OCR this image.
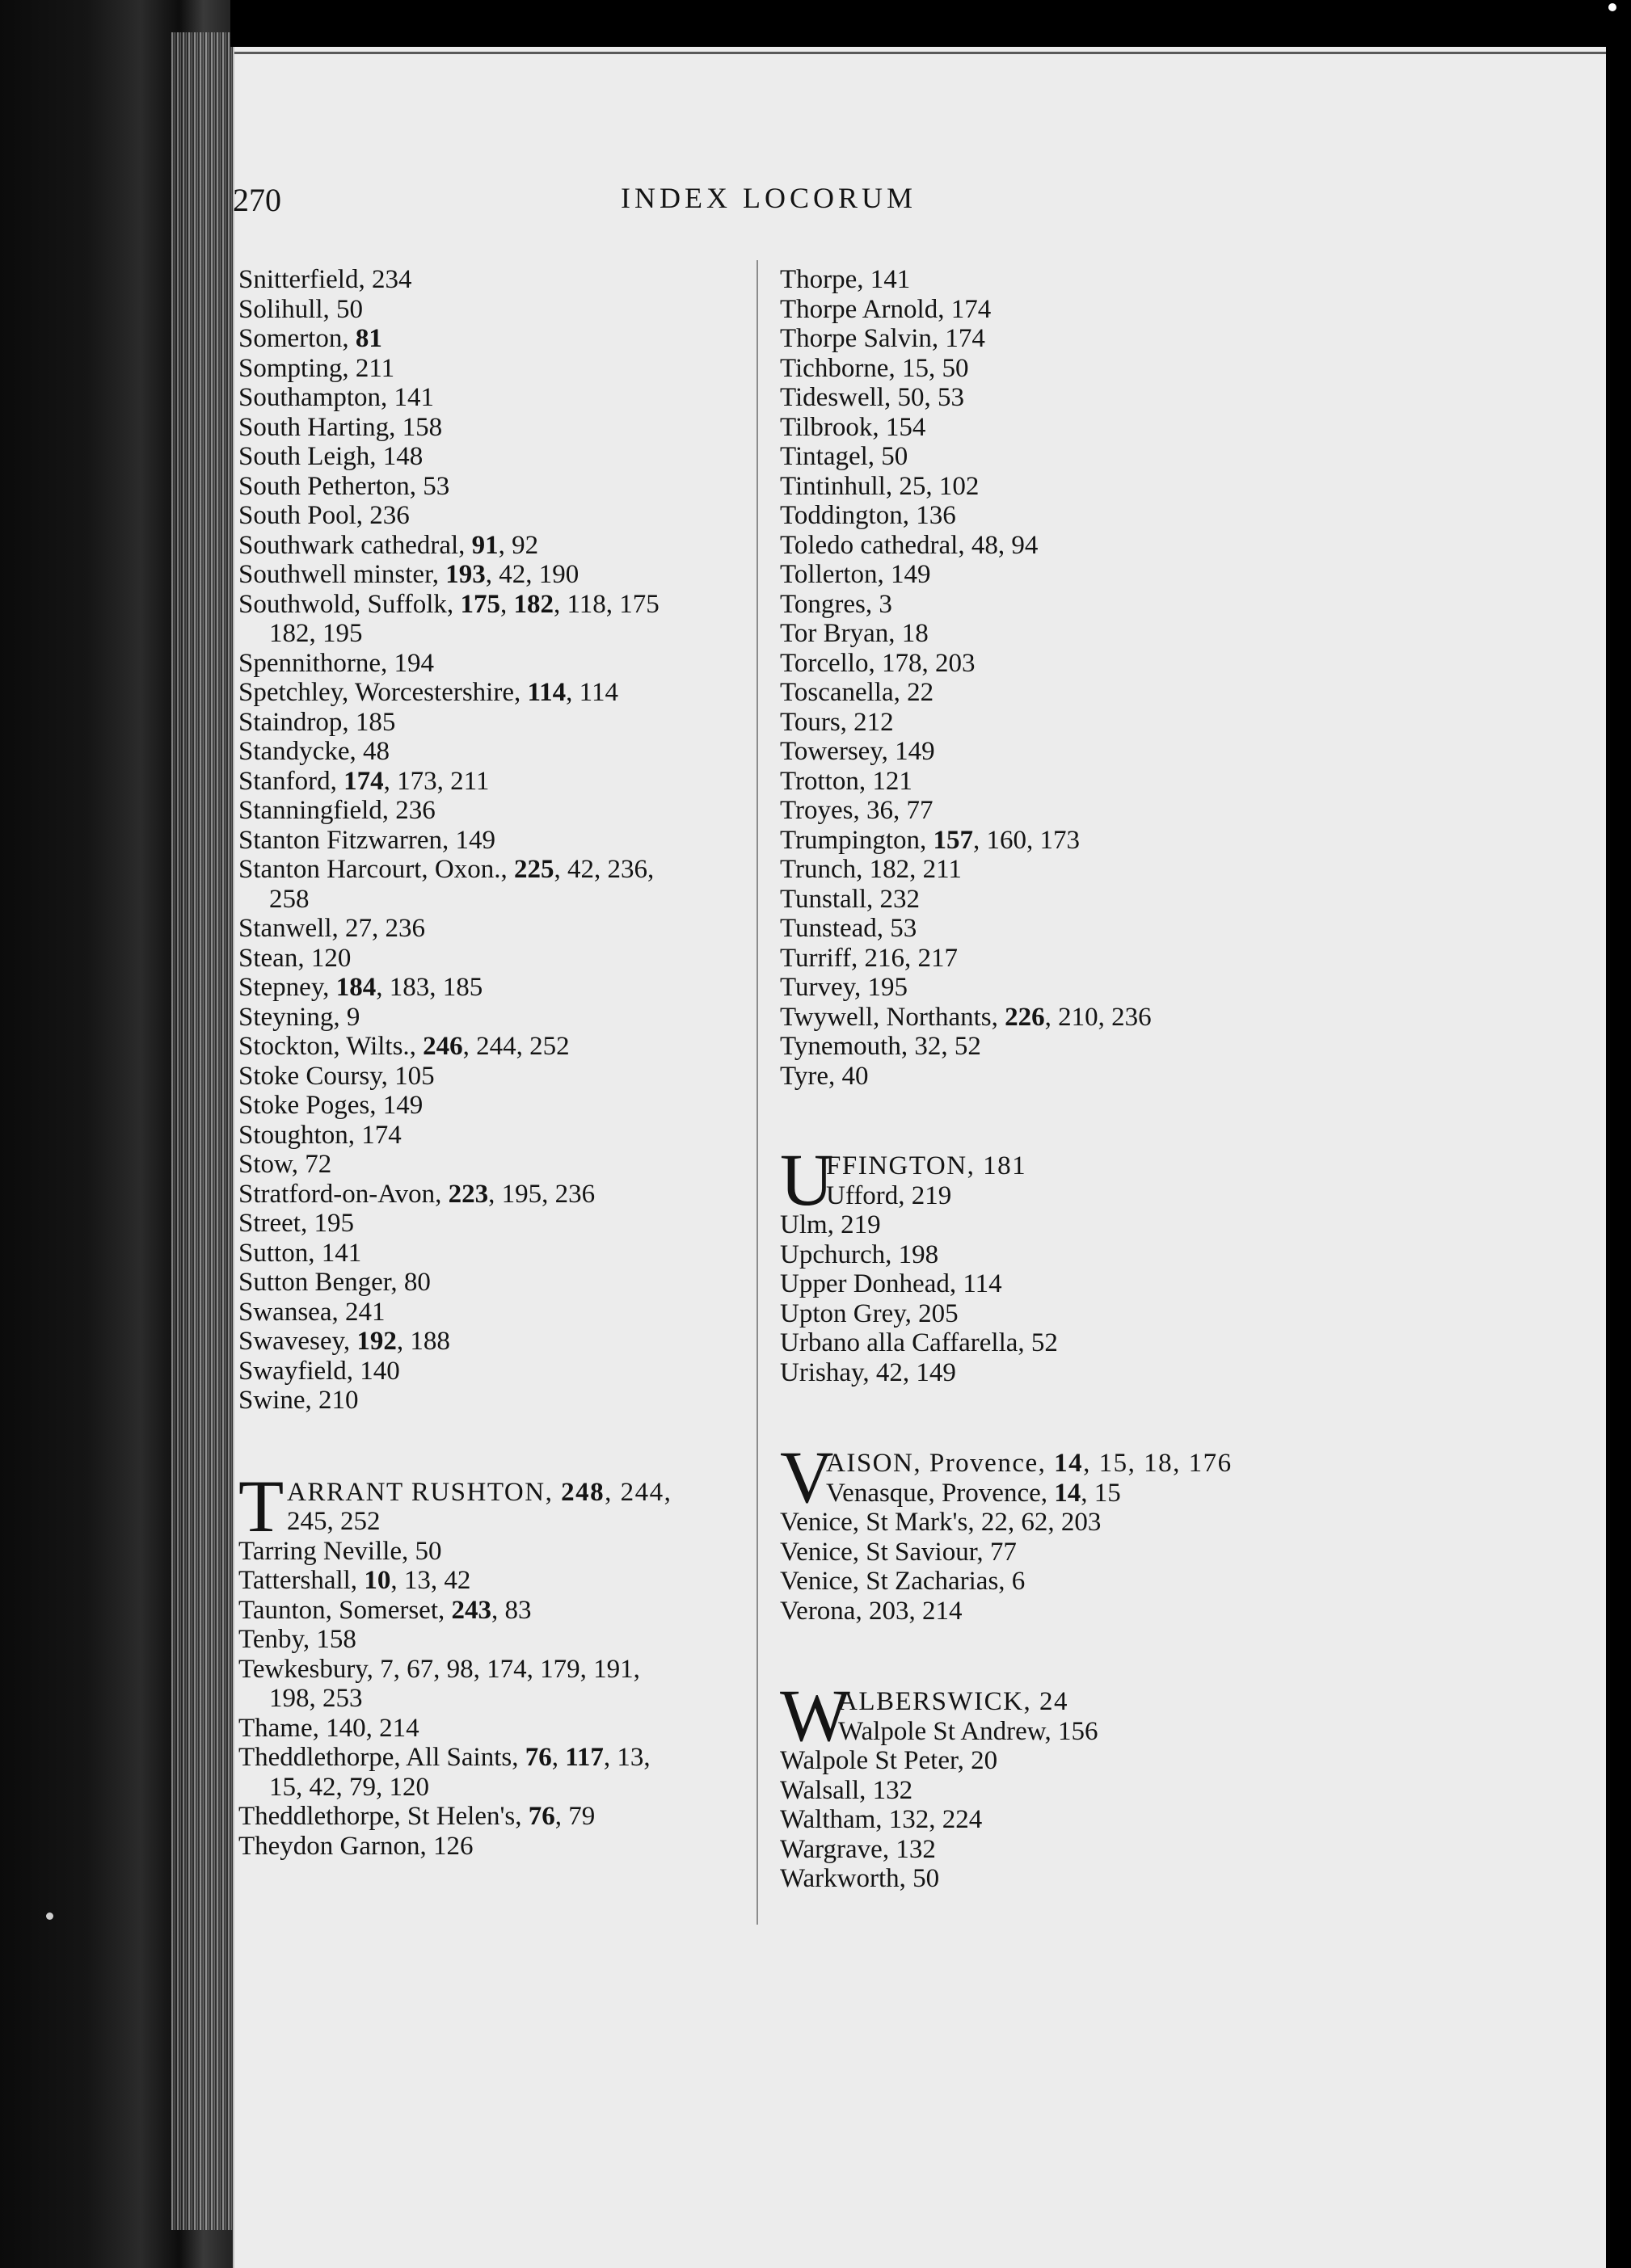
270	INDEX LOCORUM
Snitterfield, 234
Solihull, 50
Somerton, 81
Sompting, 211
Southampton, 141
South Harting, 158
South Leigh, 148
South Petherton, 53
South Pool, 236
Southwark cathedral, 91, 92
Southwell minster, 193, 42, 190
Southwold, Suffolk, 175, 182, 118, 175
182, 195
Spennithorne, 194
Spetchley, Worcestershire, 114, 114
Staindrop, 185
Standycke, 48
Stanford, 174, 173, 211
Stanningfield, 236
Stanton Fitzwarren, 149
Stanton Harcourt, Oxon., 225, 42, 236,
258
Stanwell, 27, 236
Stean, 120
Stepney, 184, 183, 185
Steyning, 9
Stockton, Wilts., 246, 244, 252
Stoke Coursy, 105
Stoke Poges, 149
Stoughton, 174
Stow, 72
Stratford-on-Avon, 223, 195, 236
Street, 195
Sutton, 141
Sutton Benger, 80
Swansea, 241
Swavesey, 192, 188
Swayfield, 140
Swine, 210
T ARRANT RUSHTON, 248, 244,
245, 252
Tarring Neville, 50
Tattershall, 10, 13, 42
Taunton, Somerset, 243, 83
Tenby, 158
Tewkesbury, 7, 67, 98, 174, 179, 191,
198, 253
Thame, 140, 214
Theddlethorpe, All Saints, 76, 117, 13,
15, 42, 79, 120
Theddlethorpe, St Helen's, 76, 79
Theydon Garnon, 126
Thorpe, 141
Thorpe Arnold, 174
Thorpe Salvin, 174
Tichborne, 15, 50
Tideswell, 50, 53
Tilbrook, 154
Tintagel, 50
Tintinhull, 25, 102
Toddington, 136
Toledo cathedral, 48, 94
Tollerton, 149
Tongres, 3
Tor Bryan, 18
Torcello, 178, 203
Toscanella, 22
Tours, 212
Towersey, 149
Trotton, 121
Troyes, 36, 77
Trumpington, 157, 160, 173
Trunch, 182, 211
Tunstall, 232
Tunstead, 53
Turriff, 216, 217
Turvey, 195
Twywell, Northants, 226, 210, 236
Tynemouth, 32, 52
Tyre, 40
U
FFINGTON, 181
Ufford, 219
Ulm, 219
Upchurch, 198
Upper Donhead, 114
Upton Grey, 205
Urbano alla Caffarella, 52
Urishay, 42, 149
V
AISON, Provence, 14, 15, 18, 176
Venasque, Provence, 14, 15
Venice, St Mark's, 22, 62, 203
Venice, St Saviour, 77
Venice, St Zacharias, 6
Verona, 203, 214
W
ALBERSWICK, 24
Walpole St Andrew, 156
Walpole St Peter, 20
Walsall, 132
Waltham, 132, 224
Wargrave, 132
Warkworth, 50
